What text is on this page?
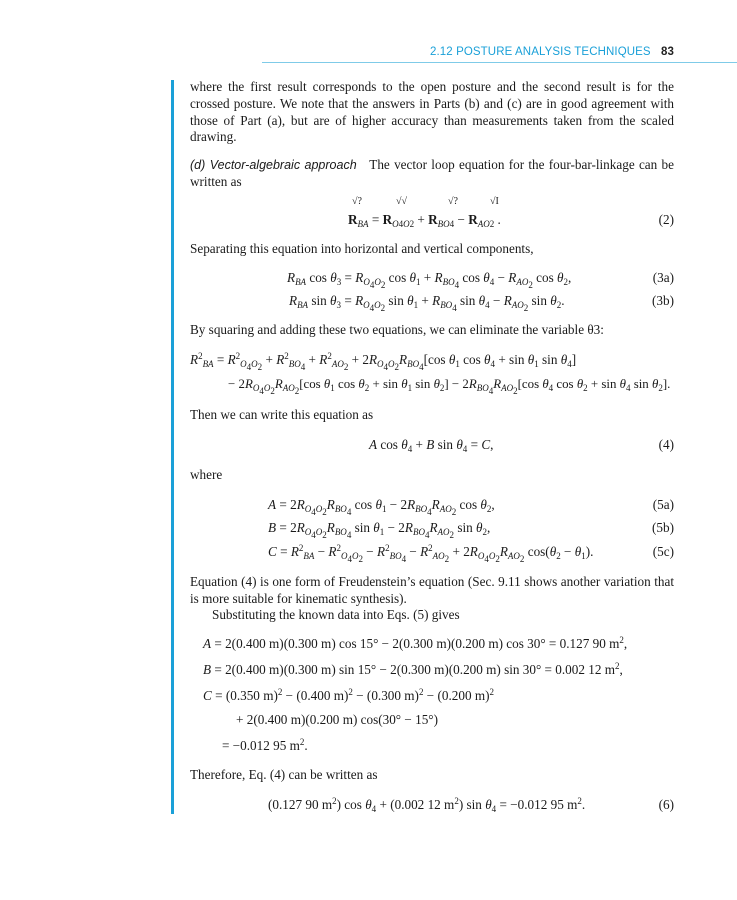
2.12 POSTURE ANALYSIS TECHNIQUES 83
where the first result corresponds to the open posture and the second result is for the crossed posture. We note that the answers in Parts (b) and (c) are in good agreement with those of Part (a), but are of higher accuracy than measurements taken from the scaled drawing.
(d) Vector-algebraic approach The vector loop equation for the four-bar-linkage can be written as
√?	√√	√?	√I
$R_{BA} = R_{O4O2} + R_{BO4} - R_{AO2}$ .	(2)
Separating this equation into horizontal and vertical components,
$R_{BA}$ $\cos \theta_3 = R_{O_4O_2}$ $\cos \theta_1 + R_{BO_4}$ $\cos \theta_4 - R_{AO_2}$ $\cos \theta_2$,	(3a)
$R_{BA}$ $\sin \theta_3 = R_{O_4O_2}$ $\sin \theta_1 + R_{BO_4}$ $\sin \theta_4 - R_{AO_2}$ $\sin \theta_2$.	(3b)
By squaring and adding these two equations, we can eliminate the variable θ3:
$R^2_{BA} = R^2_{O_4O_2} + R^2_{BO_4} + R^2_{AO_2} + 2R_{O_4O_2}R_{BO_4}[\cos$ $\theta_1$ $\cos \theta_4 + \sin \theta_1$ $\sin \theta_4$]
− $2R_{O_4O_2}R_{AO_2}[\cos$ $\theta_1$ $\cos \theta_2 + \sin \theta_1$ $\sin \theta_2] - 2R_{BO_4}R_{AO_2}[\cos$ $\theta_4$ $\cos \theta_2 + \sin \theta_4$ $\sin \theta_2$].
Then we can write this equation as
A $\cos \theta_4 + B$ $\sin \theta_4 = C$,	(4)
where
$A = 2R_{O_4O_2}R_{BO_4}$ $\cos \theta_1 - 2R_{BO_4}R_{AO_2}$ $\cos \theta_2$,	(5a)
$B = 2R_{O_4O_2}R_{BO_4}$ $\sin \theta_1 - 2R_{BO_4}R_{AO_2}$ $\sin \theta_2$,	(5b)
$C = R^2_{BA} - R^2_{O_4O_2} - R^2_{BO_4} - R^2_{AO_2} + 2R_{O_4O_2}R_{AO_2}$ $\cos(\theta_2 - \theta_1)$.	(5c)
Equation (4) is one form of Freudenstein’s equation (Sec. 9.11 shows another variation that is more suitable for kinematic synthesis).
Substituting the known data into Eqs. (5) gives
A = 2(0.400 m)(0.300 m) cos 15° − 2(0.300 m)(0.200 m) cos 30° = 0.127 90 $m^2$,
B = 2(0.400 m)(0.300 m) sin 15° − 2(0.300 m)(0.200 m) sin 30° = 0.002 12 $m^2$,
C = (0.350 m)$^2$ − (0.400 m)$^2$ − (0.300 m)$^2$ − (0.200 m)$^2$
+ 2(0.400 m)(0.200 m) cos(30° − 15°)
= −0.012 95 $m^2$.
Therefore, Eq. (4) can be written as
(0.127 90 $m^2$) $\cos \theta_4 + (0.002$ 12 $m^2$) $\sin \theta_4 = -0.012$ 95 $m^2$.	(6)
